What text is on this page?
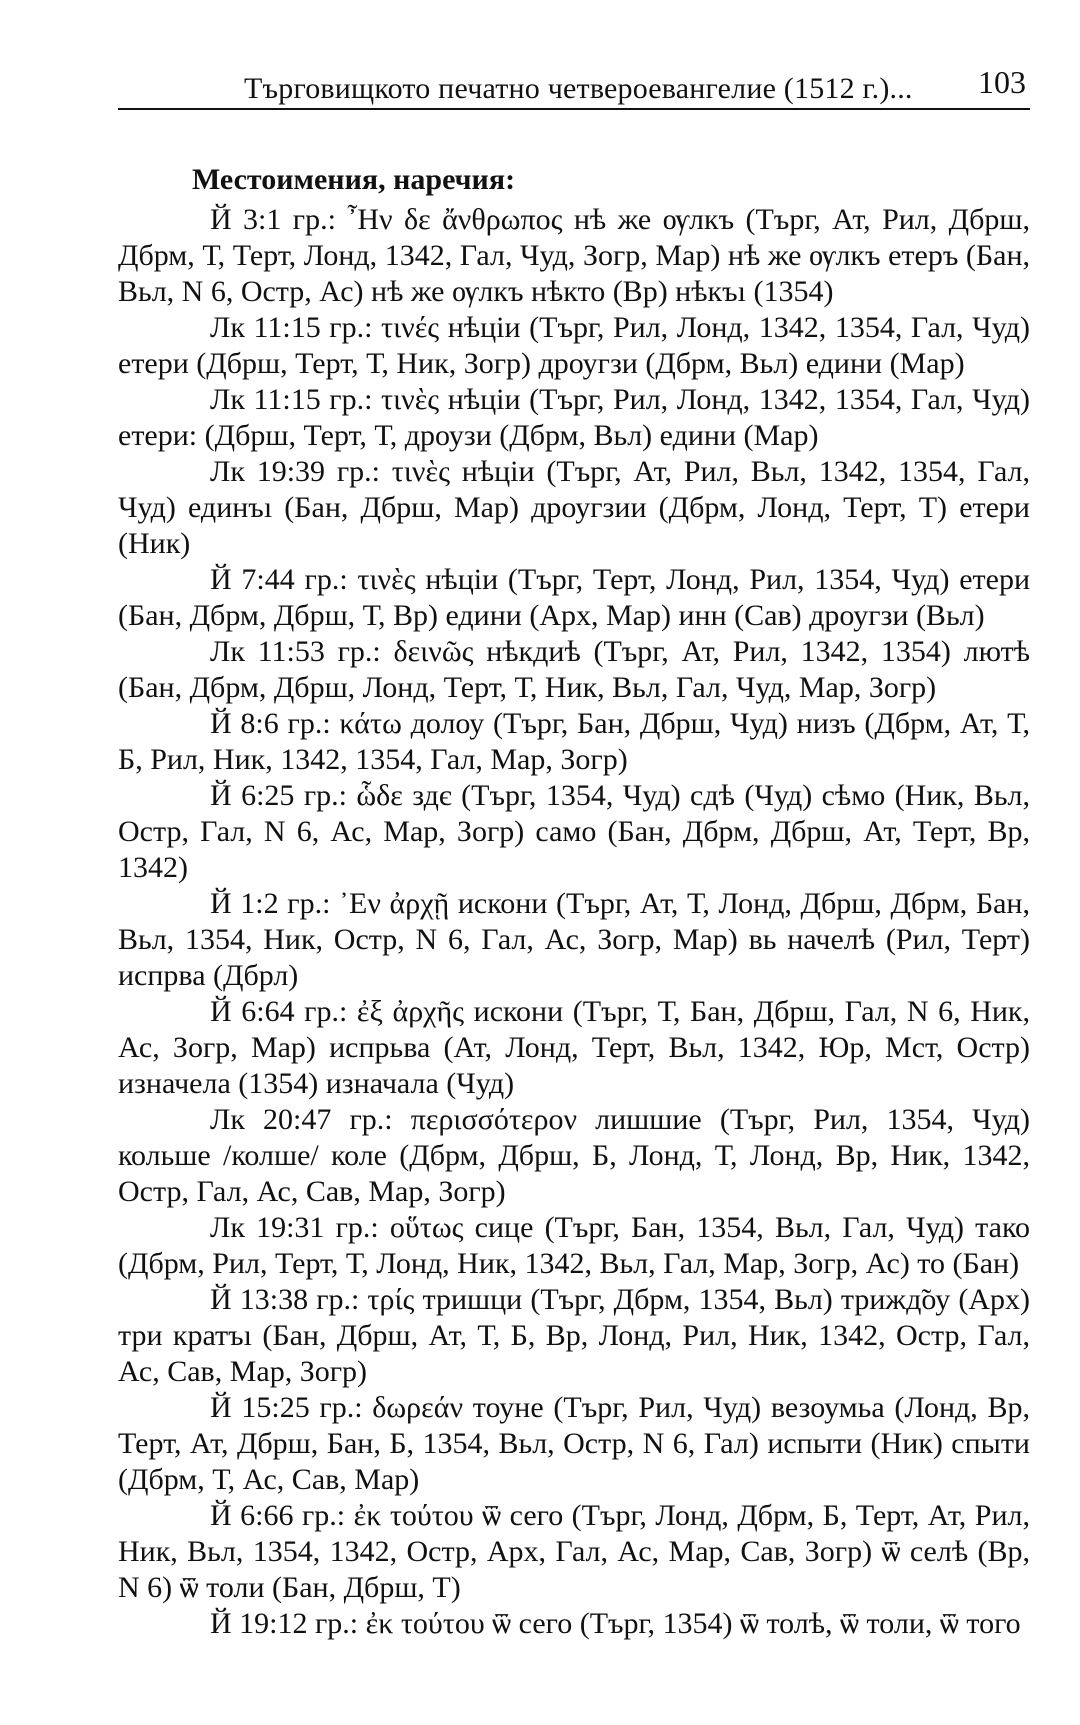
Търговищкото печатно четвероевангелие (1512 г.)... 103

Местоимения, наречия:

Й 3:1 гр.: ῏Ην δε ἄνθρωπος нѣ же ѹлкъ (Търг, Ат, Рил, Дбрш, Дбрм, Т, Терт, Лонд, 1342, Гал, Чуд, Зогр, Мар) нѣ же ѹлкъ етеръ (Бан, Вьл, N 6, Остр, Ас) нѣ же ѹлкъ нѣкто (Вр) нѣкъı (1354)

Лк 11:15 гр.: τινές нѣціи (Търг, Рил, Лонд, 1342, 1354, Гал, Чуд) етери (Дбрш, Терт, Т, Ник, Зогр) дроугзи (Дбрм, Вьл) едини (Мар)

Лк 11:15 гр.: τινὲς нѣціи (Търг, Рил, Лонд, 1342, 1354, Гал, Чуд) етери: (Дбрш, Терт, Т, дроузи (Дбрм, Вьл) едини (Мар)

Лк 19:39 гр.: τινὲς нѣціи (Търг, Ат, Рил, Вьл, 1342, 1354, Гал, Чуд) единъı (Бан, Дбрш, Мар) дроугзии (Дбрм, Лонд, Терт, Т) етери (Ник)

Й 7:44 гр.: τινὲς нѣціи (Търг, Терт, Лонд, Рил, 1354, Чуд) етери (Бан, Дбрм, Дбрш, Т, Вр) едини (Арх, Мар) инн (Сав) дроугзи (Вьл)

Лк 11:53 гр.: δεινῶς нѣкдиѣ (Търг, Ат, Рил, 1342, 1354) лютѣ (Бан, Дбрм, Дбрш, Лонд, Терт, Т, Ник, Вьл, Гал, Чуд, Мар, Зогр)

Й 8:6 гр.: κάτω долоу (Търг, Бан, Дбрш, Чуд) низъ (Дбрм, Ат, Т, Б, Рил, Ник, 1342, 1354, Гал, Мар, Зогр)

Й 6:25 гр.: ὧδε здє (Търг, 1354, Чуд) сдѣ (Чуд) сѣмо (Ник, Вьл, Остр, Гал, N 6, Ас, Мар, Зогр) само (Бан, Дбрм, Дбрш, Ат, Терт, Вр, 1342)

Й 1:2 гр.: ᾿Εν ἀρχῇ искони (Търг, Ат, Т, Лонд, Дбрш, Дбрм, Бан, Вьл, 1354, Ник, Остр, N 6, Гал, Ас, Зогр, Мар) вь начелѣ (Рил, Терт) испрва (Дбрл)

Й 6:64 гр.: ἐξ ἀρχῆς искони (Търг, Т, Бан, Дбрш, Гал, N 6, Ник, Ас, Зогр, Мар) испрьва (Ат, Лонд, Терт, Вьл, 1342, Юр, Мст, Остр) изначела (1354) изначала (Чуд)

Лк 20:47 гр.: περισσότερον лишшие (Търг, Рил, 1354, Чуд) кольше /колше/ коле (Дбрм, Дбрш, Б, Лонд, Т, Лонд, Вр, Ник, 1342, Остр, Гал, Ас, Сав, Мар, Зогр)

Лк 19:31 гр.: οὕτως сице (Търг, Бан, 1354, Вьл, Гал, Чуд) тако (Дбрм, Рил, Терт, Т, Лонд, Ник, 1342, Вьл, Гал, Мар, Зогр, Ас) то (Бан)

Й 13:38 гр.: τρίς тришци (Търг, Дбрм, 1354, Вьл) трижд̃оу (Арх) три кратъı (Бан, Дбрш, Ат, Т, Б, Вр, Лонд, Рил, Ник, 1342, Остр, Гал, Ас, Сав, Мар, Зогр)

Й 15:25 гр.: δωρεάν тоуне (Търг, Рил, Чуд) везоумьа (Лонд, Вр, Терт, Ат, Дбрш, Бан, Б, 1354, Вьл, Остр, N 6, Гал) испыти (Ник) спыти (Дбрм, Т, Ас, Сав, Мар)

Й 6:66 гр.: ἐκ τούτου ѿ сего (Търг, Лонд, Дбрм, Б, Терт, Ат, Рил, Ник, Вьл, 1354, 1342, Остр, Арх, Гал, Ас, Мар, Сав, Зогр) ѿ селѣ (Вр, N 6) ѿ толи (Бан, Дбрш, Т)

Й 19:12 гр.: ἐκ τούτου ѿ сего (Търг, 1354) ѿ толѣ, ѿ толи, ѿ того
